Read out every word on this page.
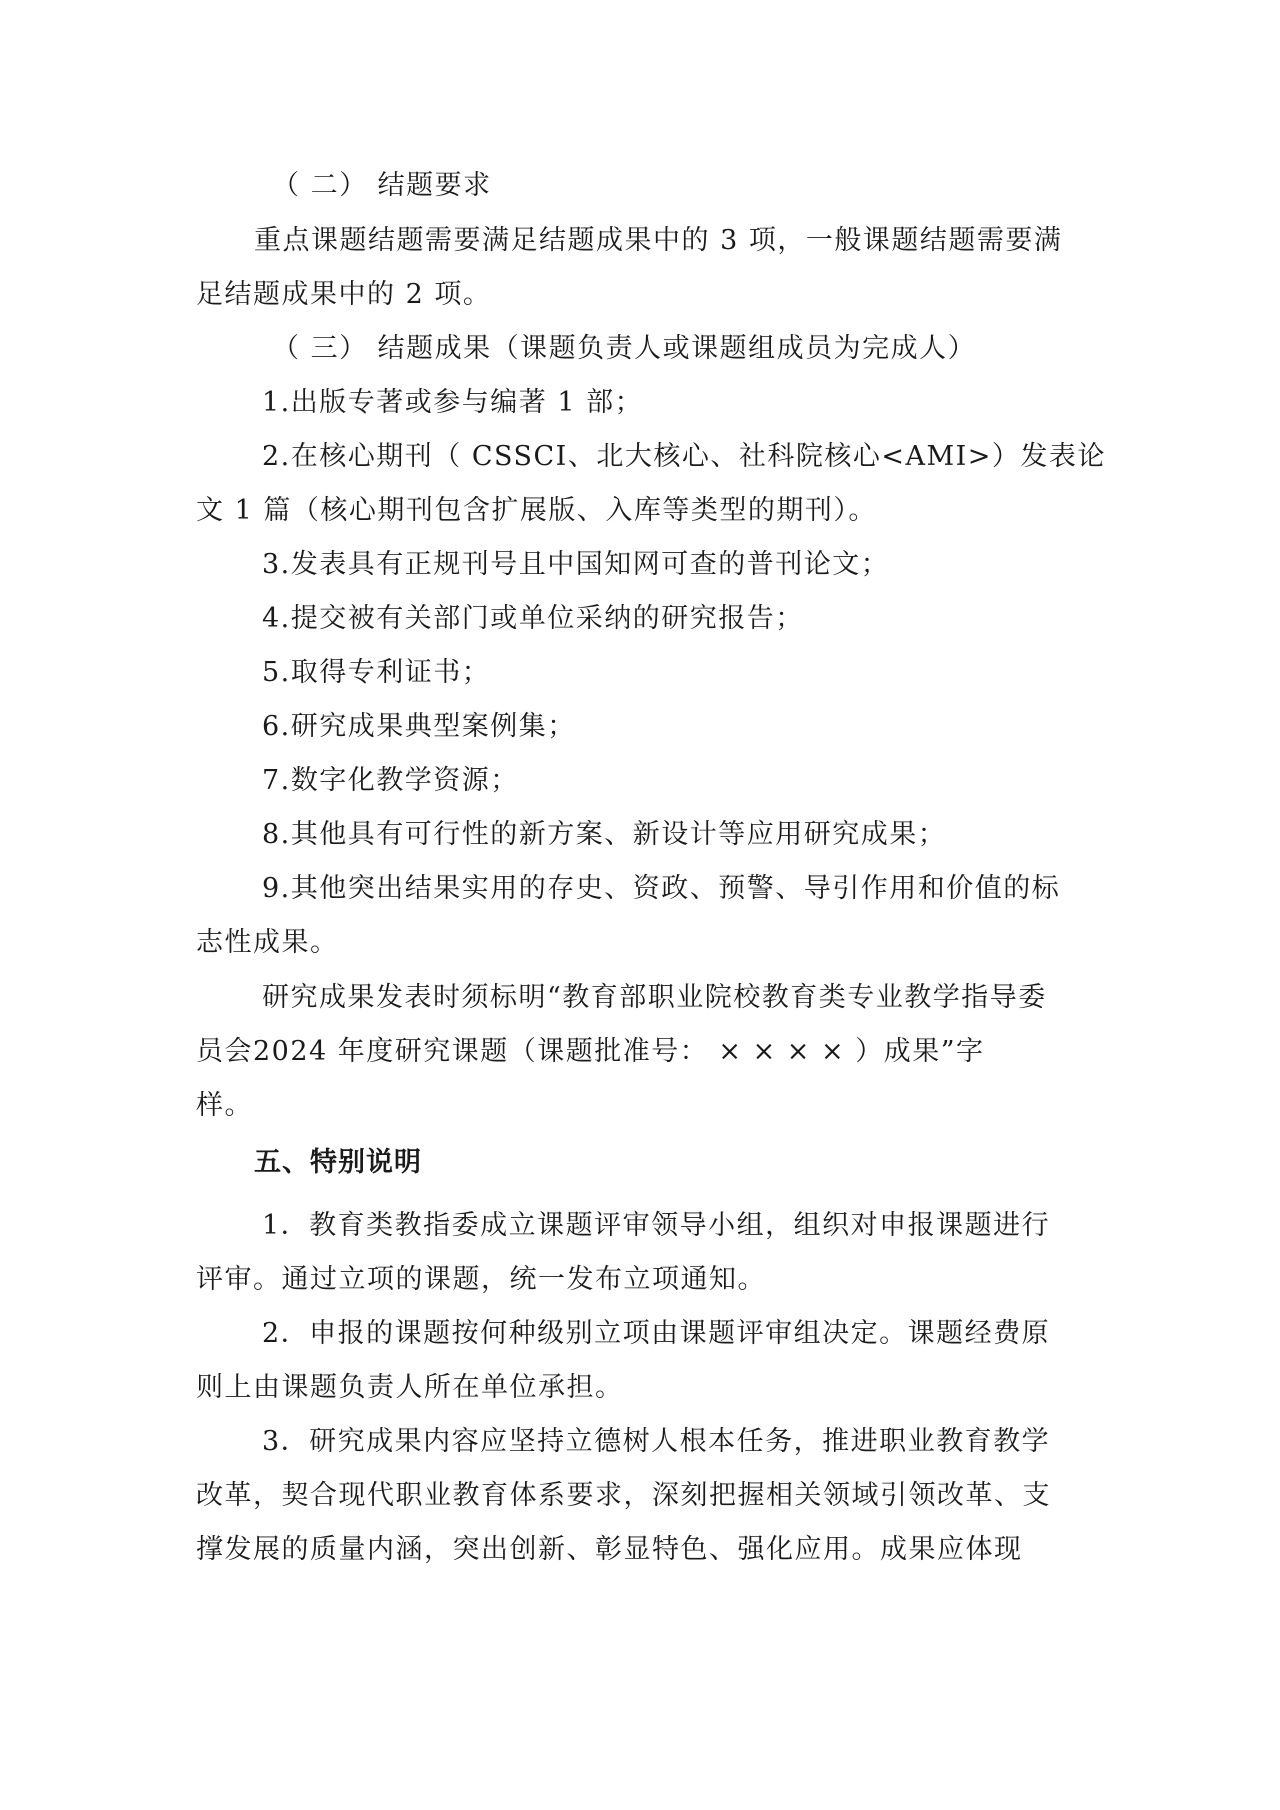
（ 二） 结题要求
重点课题结题需要满足结题成果中的 3 项，一般课题结题需要满
足结题成果中的 2 项。
（ 三） 结题成果（课题负责人或课题组成员为完成人）
1.出版专著或参与编著 1 部；
2.在核心期刊（ CSSCI、北大核心、社科院核心<AMI>）发表论
文 1 篇（核心期刊包含扩展版、入库等类型的期刊）。
3.发表具有正规刊号且中国知网可查的普刊论文；
4.提交被有关部门或单位采纳的研究报告；
5.取得专利证书；
6.研究成果典型案例集；
7.数字化教学资源；
8.其他具有可行性的新方案、新设计等应用研究成果；
9.其他突出结果实用的存史、资政、预警、导引作用和价值的标
志性成果。
研究成果发表时须标明“教育部职业院校教育类专业教学指导委
员会2024 年度研究课题（课题批准号： × × × × ）成果”字
样。
五、特别说明
1．教育类教指委成立课题评审领导小组，组织对申报课题进行
评审。通过立项的课题，统一发布立项通知。
2．申报的课题按何种级别立项由课题评审组决定。课题经费原
则上由课题负责人所在单位承担。
3．研究成果内容应坚持立德树人根本任务，推进职业教育教学
改革，契合现代职业教育体系要求，深刻把握相关领域引领改革、支
撑发展的质量内涵，突出创新、彰显特色、强化应用。成果应体现
